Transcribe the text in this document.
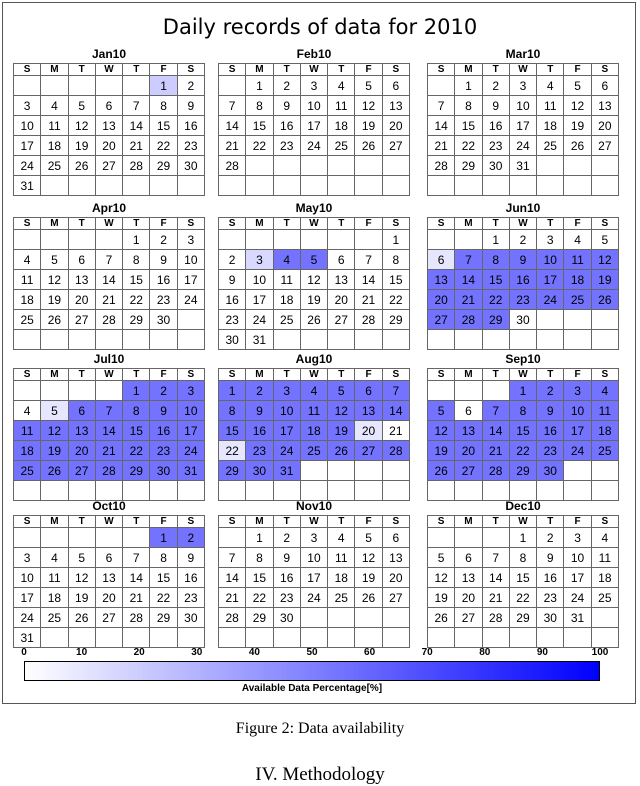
Daily records of data for 2010
Jan10
S	M	T	W	T	F	S
					1	2
3	4	5	6	7	8	9
10	11	12	13	14	15	16
17	18	19	20	21	22	23
24	25	26	27	28	29	30
31						
Feb10
S	M	T	W	T	F	S
	1	2	3	4	5	6
7	8	9	10	11	12	13
14	15	16	17	18	19	20
21	22	23	24	25	26	27
28						

Mar10
S	M	T	W	T	F	S
	1	2	3	4	5	6
7	8	9	10	11	12	13
14	15	16	17	18	19	20
21	22	23	24	25	26	27
28	29	30	31			

Apr10
S	M	T	W	T	F	S
				1	2	3
4	5	6	7	8	9	10
11	12	13	14	15	16	17
18	19	20	21	22	23	24
25	26	27	28	29	30	

May10
S	M	T	W	T	F	S
						1
2	3	4	5	6	7	8
9	10	11	12	13	14	15
16	17	18	19	20	21	22
23	24	25	26	27	28	29
30	31					
Jun10
S	M	T	W	T	F	S
		1	2	3	4	5
6	7	8	9	10	11	12
13	14	15	16	17	18	19
20	21	22	23	24	25	26
27	28	29	30			

Jul10
S	M	T	W	T	F	S
				1	2	3
4	5	6	7	8	9	10
11	12	13	14	15	16	17
18	19	20	21	22	23	24
25	26	27	28	29	30	31

Aug10
S	M	T	W	T	F	S
1	2	3	4	5	6	7
8	9	10	11	12	13	14
15	16	17	18	19	20	21
22	23	24	25	26	27	28
29	30	31				

Sep10
S	M	T	W	T	F	S
			1	2	3	4
5	6	7	8	9	10	11
12	13	14	15	16	17	18
19	20	21	22	23	24	25
26	27	28	29	30		

Oct10
S	M	T	W	T	F	S
					1	2
3	4	5	6	7	8	9
10	11	12	13	14	15	16
17	18	19	20	21	22	23
24	25	26	27	28	29	30
31						
Nov10
S	M	T	W	T	F	S
	1	2	3	4	5	6
7	8	9	10	11	12	13
14	15	16	17	18	19	20
21	22	23	24	25	26	27
28	29	30				

Dec10
S	M	T	W	T	F	S
			1	2	3	4
5	6	7	8	9	10	11
12	13	14	15	16	17	18
19	20	21	22	23	24	25
26	27	28	29	30	31	

0	10	20	30	40	50	60	70	80	90	100
Available Data Percentage[%]
Figure 2: Data availability
IV. Methodology
